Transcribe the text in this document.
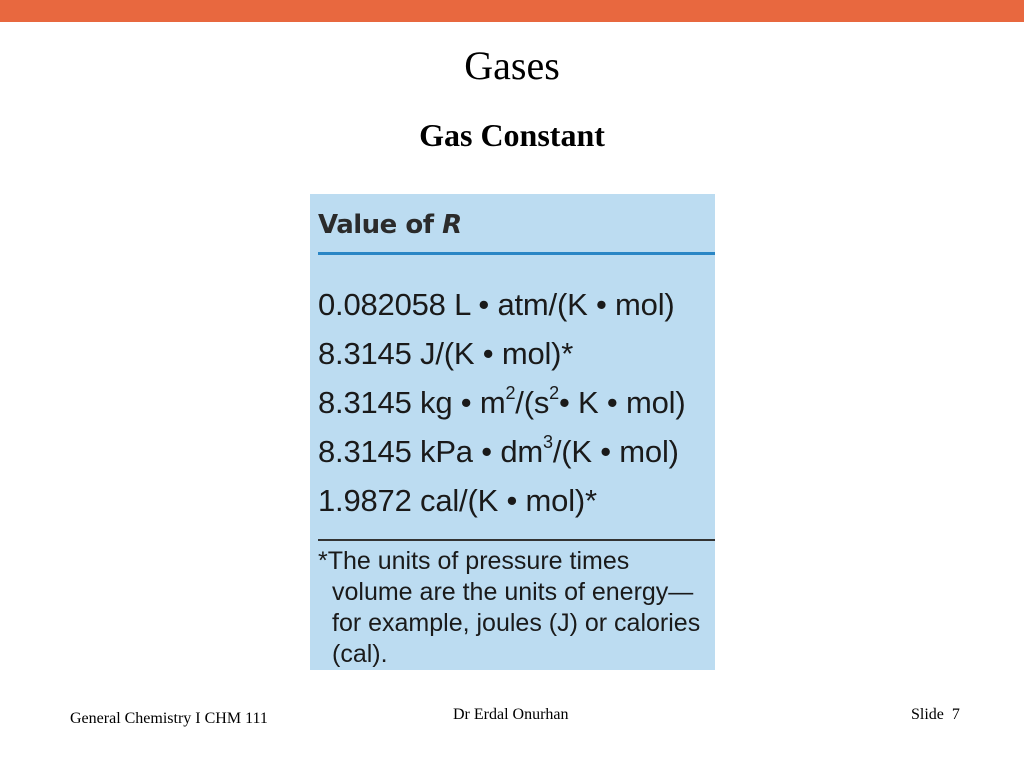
Gases
Gas Constant
Value of R
0.082058 L • atm/(K • mol)
8.3145 J/(K • mol)*
8.3145 kg • $m^2/(s^2•$ K • mol)
8.3145 kPa • $dm^3/(K$ • mol)
1.9872 cal/(K • mol)*
*The units of pressure times
volume are the units of energy—
for example, joules (J) or calories
(cal).
General Chemistry I CHM 111	Dr Erdal Onurhan	Slide  7
